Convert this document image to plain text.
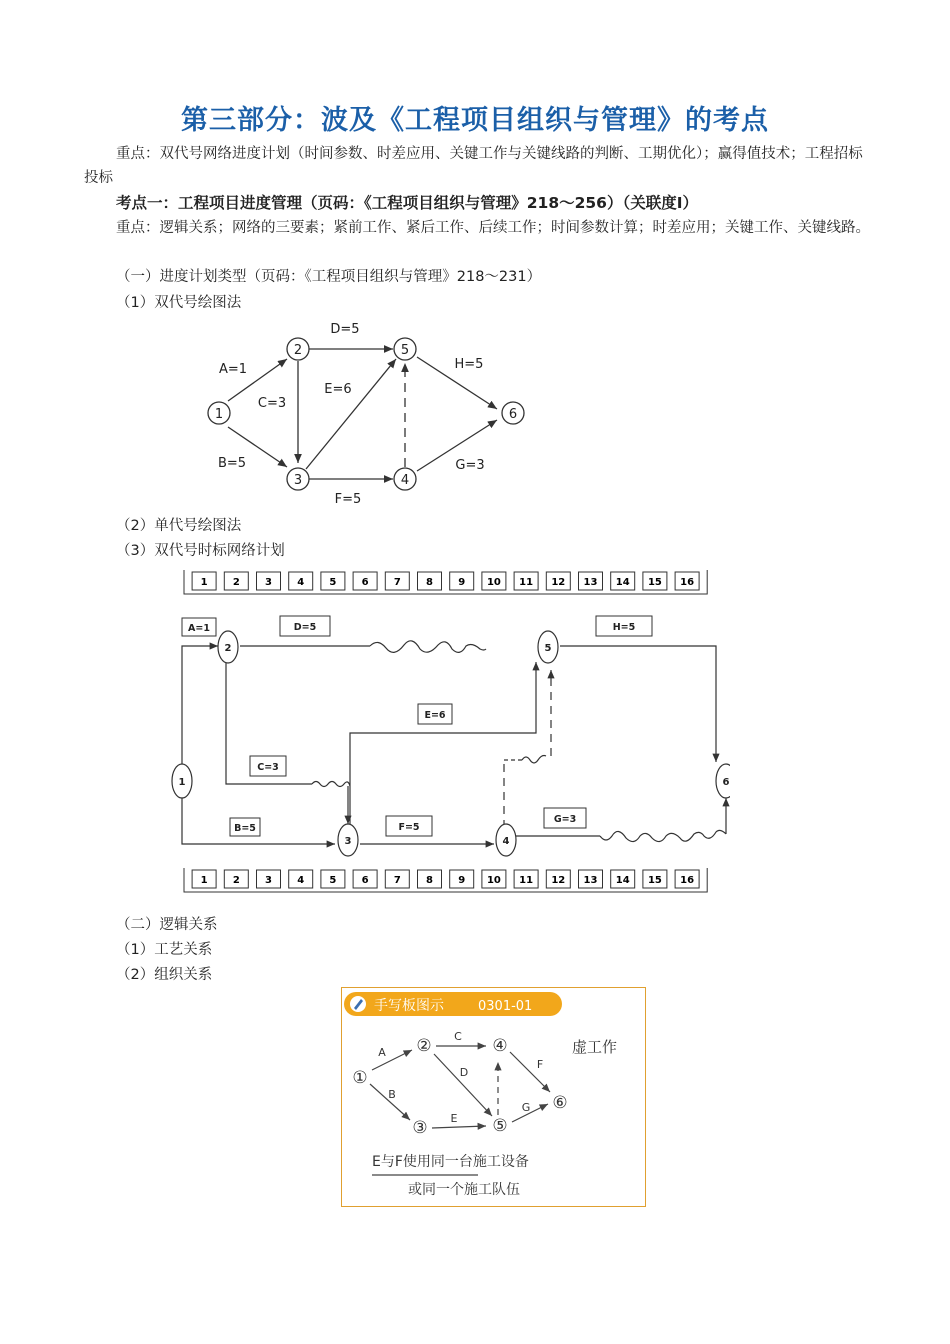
第三部分：波及《工程项目组织与管理》的考点
重点：双代号网络进度计划（时间参数、时差应用、关键工作与关键线路的判断、工期优化）；赢得值技术；工程招标投标
考点一：工程项目进度管理（页码：《工程项目组织与管理》218～256）（关联度Ⅰ）
重点：逻辑关系；网络的三要素；紧前工作、紧后工作、后续工作；时间参数计算；时差应用；关键工作、关键线路。
（一）进度计划类型（页码：《工程项目组织与管理》218～231）
（1）双代号绘图法
1
2
3	4
5
6
A=1
B=5
C=3
D=5
E=6
F=5
H=5
G=3
（2）单代号绘图法
（3）双代号时标网络计划
1	2	3	4	5	6	7	8	9 10 11 12 13 14 15 16
1	2	3	4	5	6	7	8	9 10 11 12 13 14 15 16
1
2
3	4
5
6
A=1	D=5	H=5
E=6
C=3
B=5	F=5
G=3
（二）逻辑关系
（1）工艺关系
（2）组织关系
手写板图示	0301-01
虚工作
①
②
③
④
⑤
⑥
A
B
C
D
E
F
G
E与F使用同一台施工设备
或同一个施工队伍
